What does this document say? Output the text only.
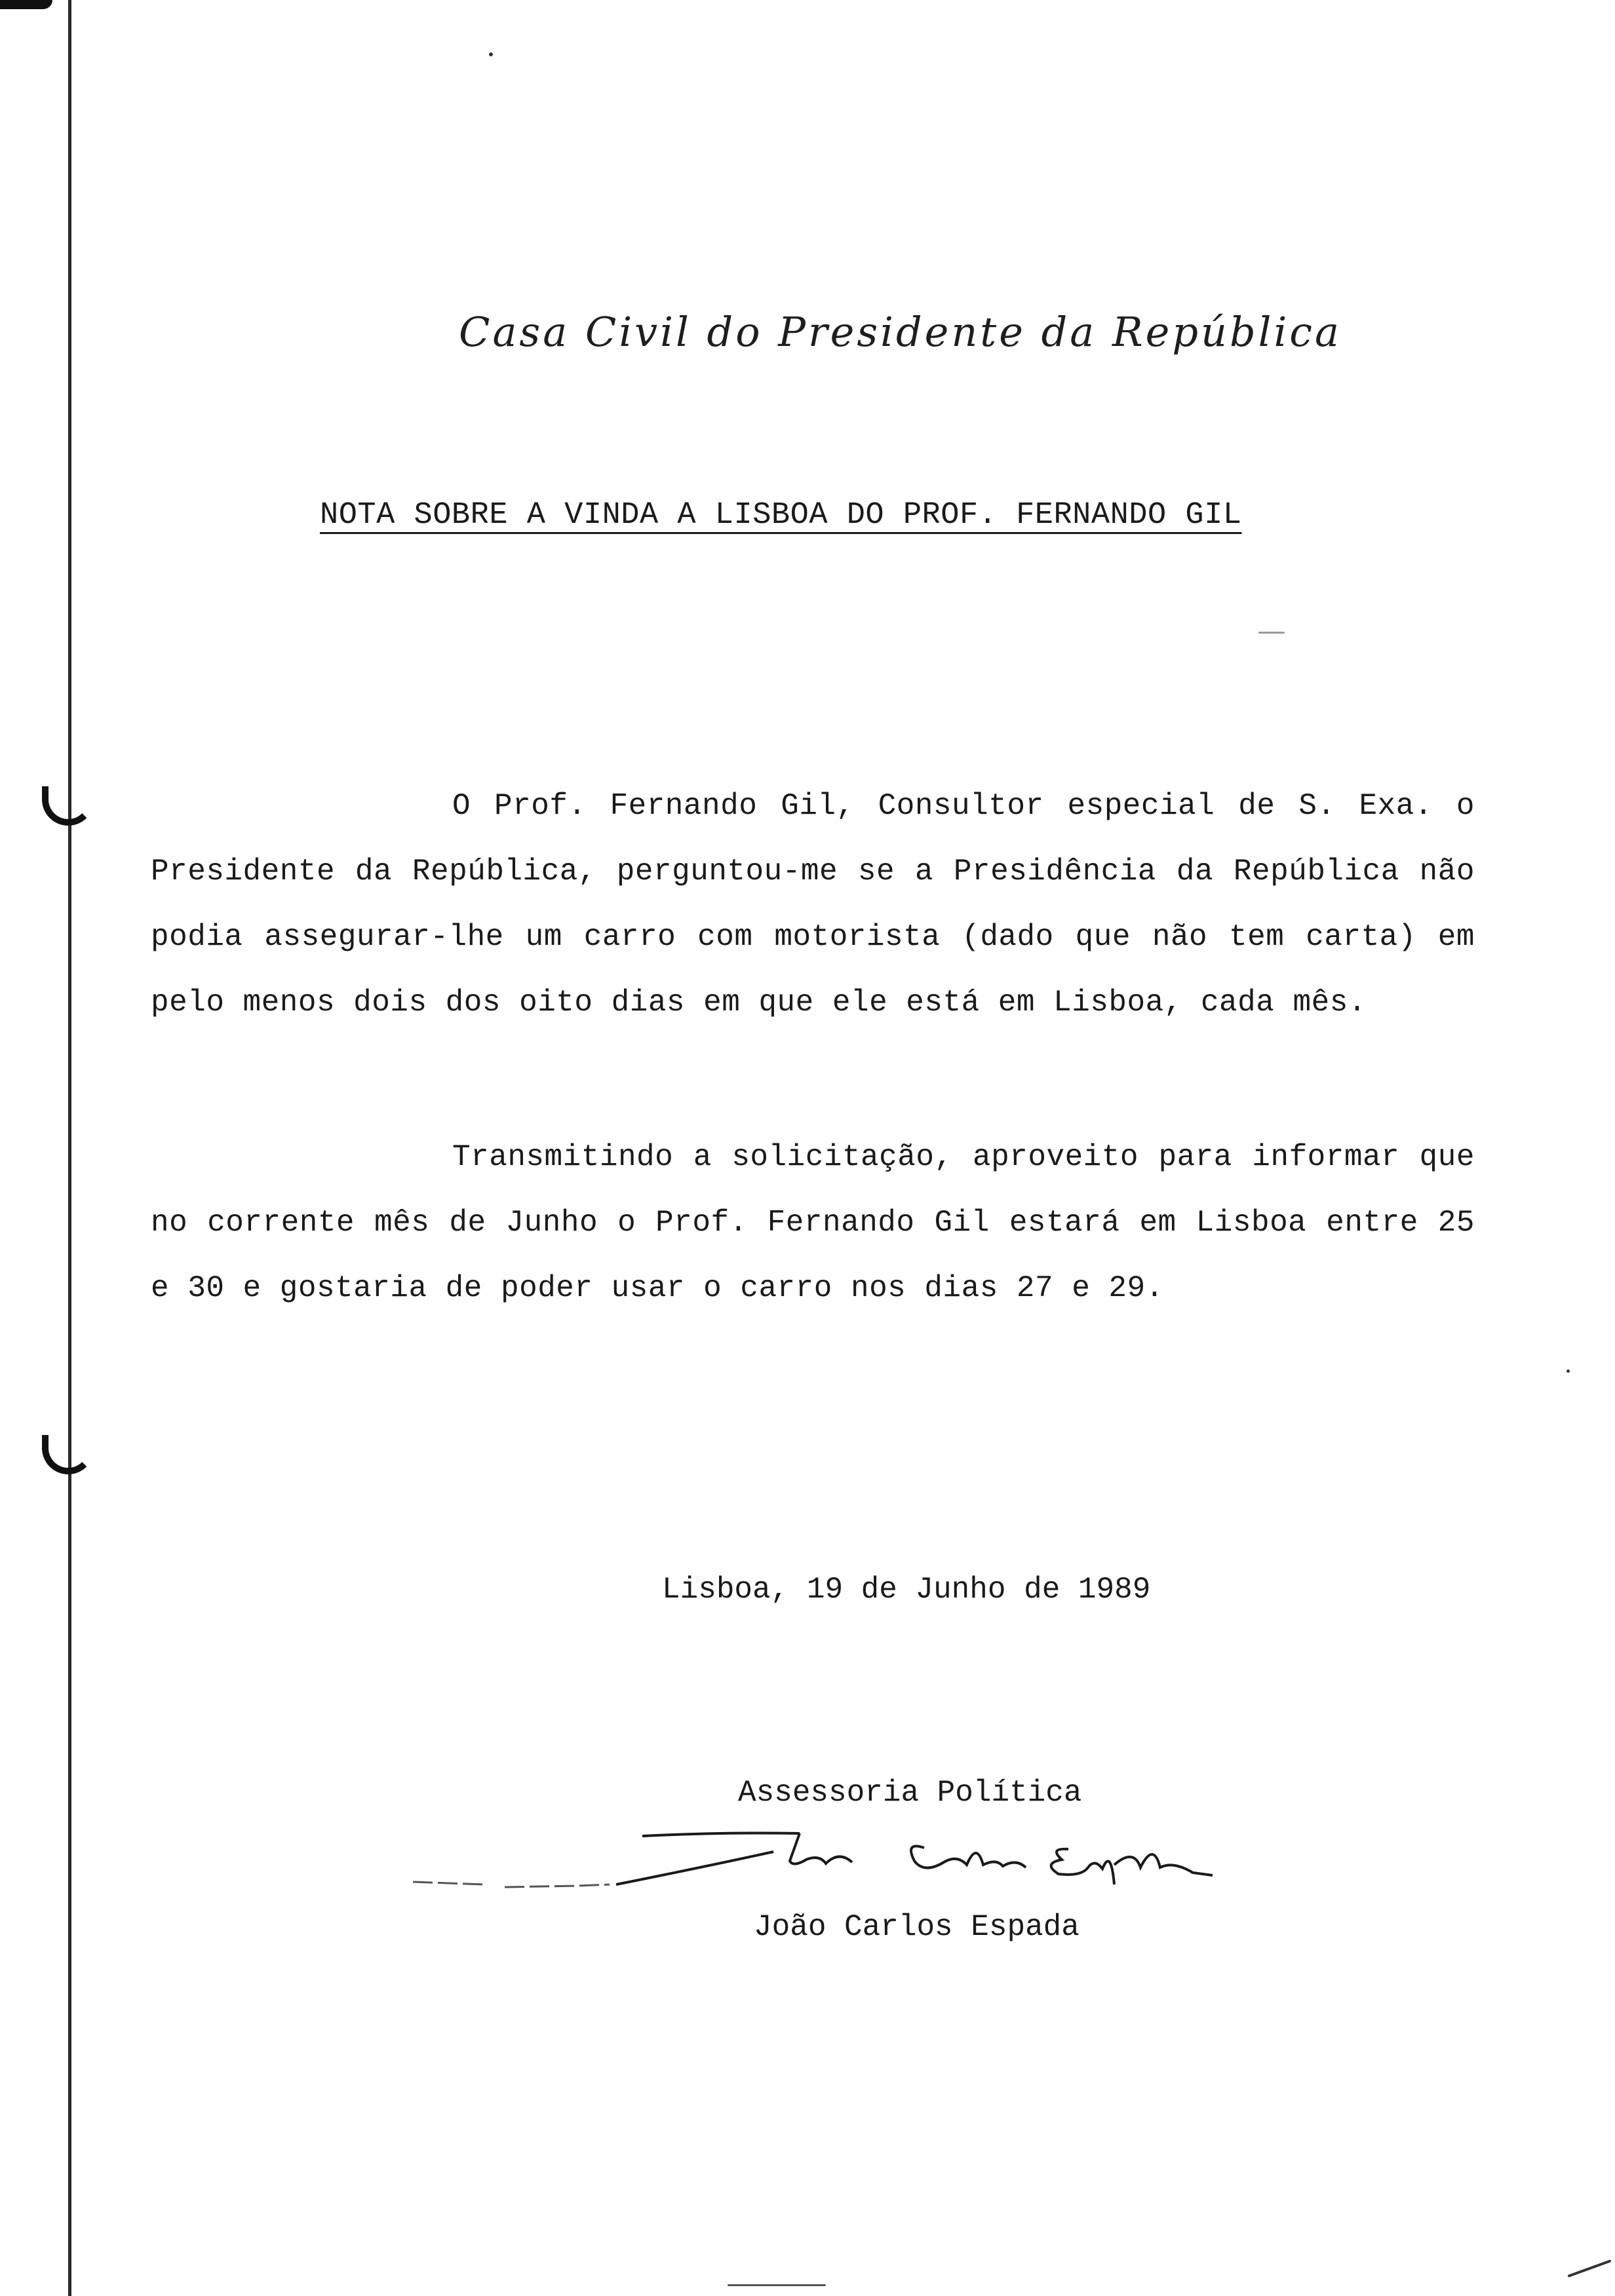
Casa Civil do Presidente da República
NOTA SOBRE A VINDA A LISBOA DO PROF. FERNANDO GIL
O Prof. Fernando Gil, Consultor especial de S. Exa. o Presidente da República, perguntou-me se a Presidência da República não podia assegurar-lhe um carro com motorista (dado que não tem carta) em pelo menos dois dos oito dias em que ele está em Lisboa, cada mês.
Transmitindo a solicitação, aproveito para informar que no corrente mês de Junho o Prof. Fernando Gil estará em Lisboa entre 25 e 30 e gostaria de poder usar o carro nos dias 27 e 29.
Lisboa, 19 de Junho de 1989
Assessoria Política
João Carlos Espada
